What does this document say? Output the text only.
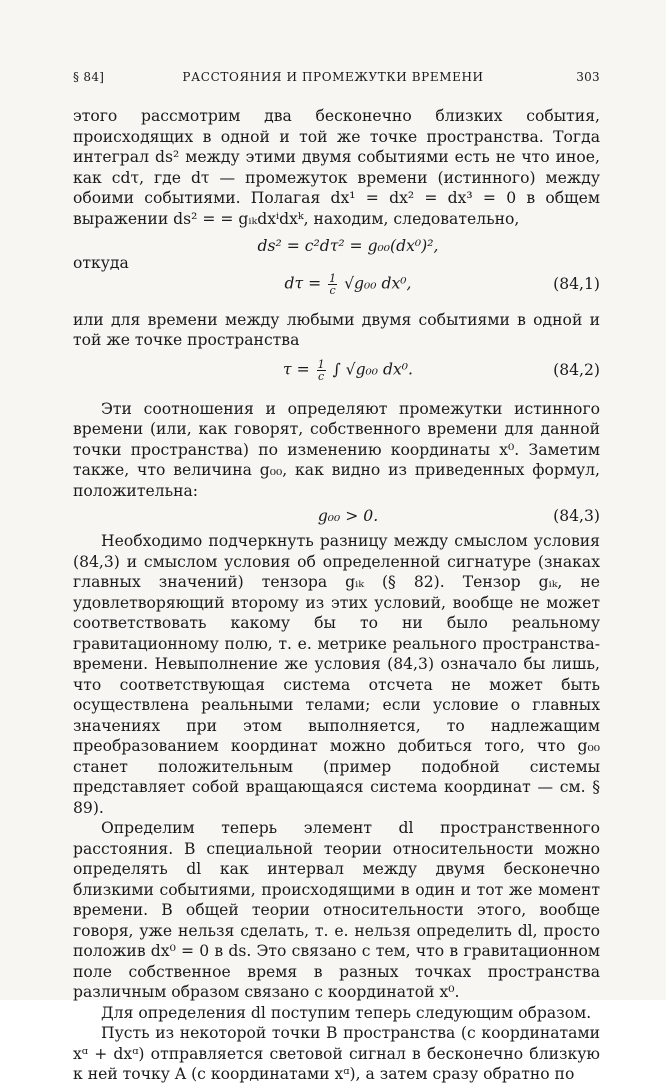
§ 84]	РАССТОЯНИЯ И ПРОМЕЖУТКИ ВРЕМЕНИ	303

этого рассмотрим два бесконечно близких события, происходящих в одной и той же точке пространства. Тогда интеграл ds² между этими двумя событиями есть не что иное, как cdτ, где dτ — промежуток времени (истинного) между обоими событиями. Полагая dx¹ = dx² = dx³ = 0 в общем выражении ds² = = gᵢₖdxⁱdxᵏ, находим, следовательно,

ds² = c²dτ² = g₀₀(dx⁰)²,

откуда

$d\tau = \frac{1}{c} √g_{00}$ dx⁰,	(84,1)

или для времени между любыми двумя событиями в одной и той же точке пространства

$\tau = \frac{1}{c}$ ∫ √g₀₀ dx⁰.	(84,2)

Эти соотношения и определяют промежутки истинного времени (или, как говорят, собственного времени для данной точки пространства) по изменению координаты x⁰. Заметим также, что величина g₀₀, как видно из приведенных формул, положительна:

g₀₀ > 0.	(84,3)

Необходимо подчеркнуть разницу между смыслом условия (84,3) и смыслом условия об определенной сигнатуре (знаках главных значений) тензора gᵢₖ (§ 82). Тензор gᵢₖ, не удовлетворяющий второму из этих условий, вообще не может соответствовать какому бы то ни было реальному гравитационному полю, т. е. метрике реального пространства-времени. Невыполнение же условия (84,3) означало бы лишь, что соответствующая система отсчета не может быть осуществлена реальными телами; если условие о главных значениях при этом выполняется, то надлежащим преобразованием координат можно добиться того, что g₀₀ станет положительным (пример подобной системы представляет собой вращающаяся система координат — см. § 89).

Определим теперь элемент dl пространственного расстояния. В специальной теории относительности можно определять dl как интервал между двумя бесконечно близкими событиями, происходящими в один и тот же момент времени. В общей теории относительности этого, вообще говоря, уже нельзя сделать, т. е. нельзя определить dl, просто положив dx⁰ = 0 в ds. Это связано с тем, что в гравитационном поле собственное время в разных точках пространства различным образом связано с координатой x⁰.

Для определения dl поступим теперь следующим образом.

Пусть из некоторой точки B пространства (с координатами xᵅ + dxᵅ) отправляется световой сигнал в бесконечно близкую к ней точку A (с координатами xᵅ), а затем сразу обратно по
